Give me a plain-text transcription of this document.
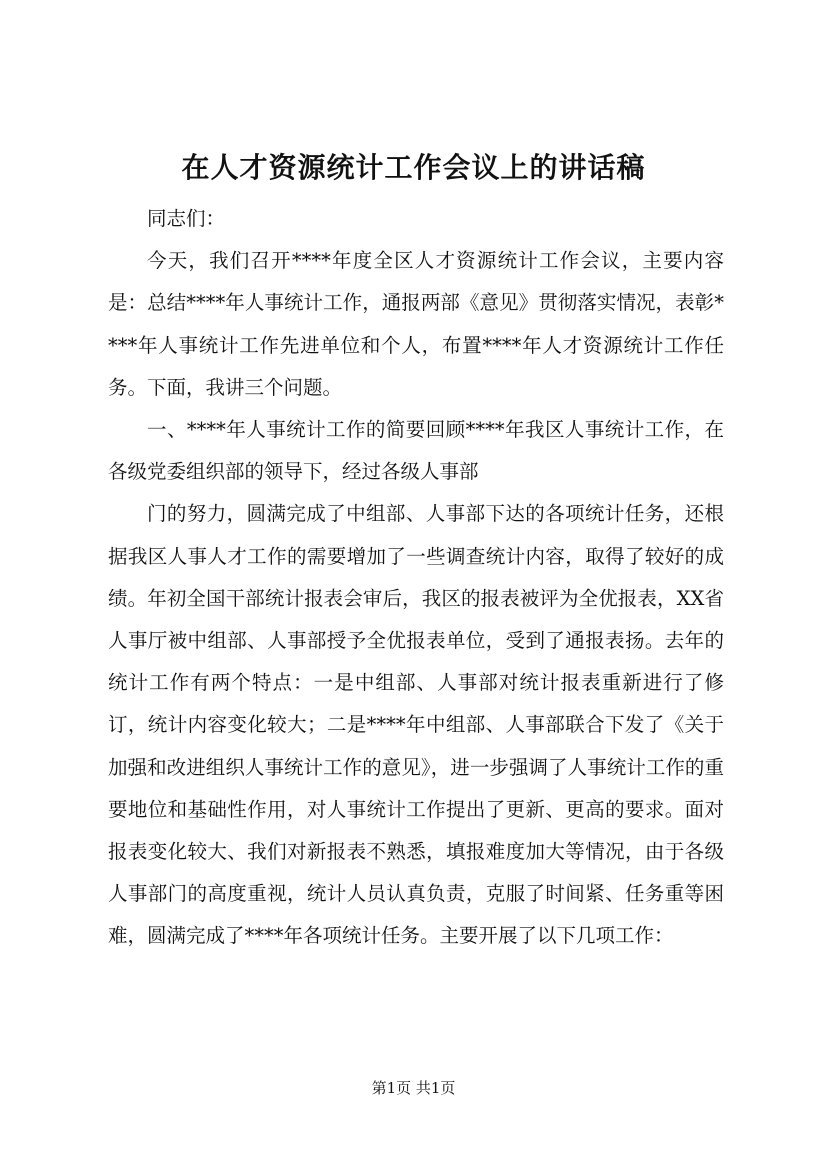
在人才资源统计工作会议上的讲话稿

同志们：

今天，我们召开****年度全区人才资源统计工作会议，主要内容是：总结****年人事统计工作，通报两部《意见》贯彻落实情况，表彰****年人事统计工作先进单位和个人，布置****年人才资源统计工作任务。下面，我讲三个问题。

一、****年人事统计工作的简要回顾****年我区人事统计工作，在各级党委组织部的领导下，经过各级人事部

门的努力，圆满完成了中组部、人事部下达的各项统计任务，还根据我区人事人才工作的需要增加了一些调查统计内容，取得了较好的成绩。年初全国干部统计报表会审后，我区的报表被评为全优报表，XX省人事厅被中组部、人事部授予全优报表单位，受到了通报表扬。去年的统计工作有两个特点：一是中组部、人事部对统计报表重新进行了修订，统计内容变化较大；二是****年中组部、人事部联合下发了《关于加强和改进组织人事统计工作的意见》，进一步强调了人事统计工作的重要地位和基础性作用，对人事统计工作提出了更新、更高的要求。面对报表变化较大、我们对新报表不熟悉，填报难度加大等情况，由于各级人事部门的高度重视，统计人员认真负责，克服了时间紧、任务重等困难，圆满完成了****年各项统计任务。主要开展了以下几项工作：

第1页 共1页
